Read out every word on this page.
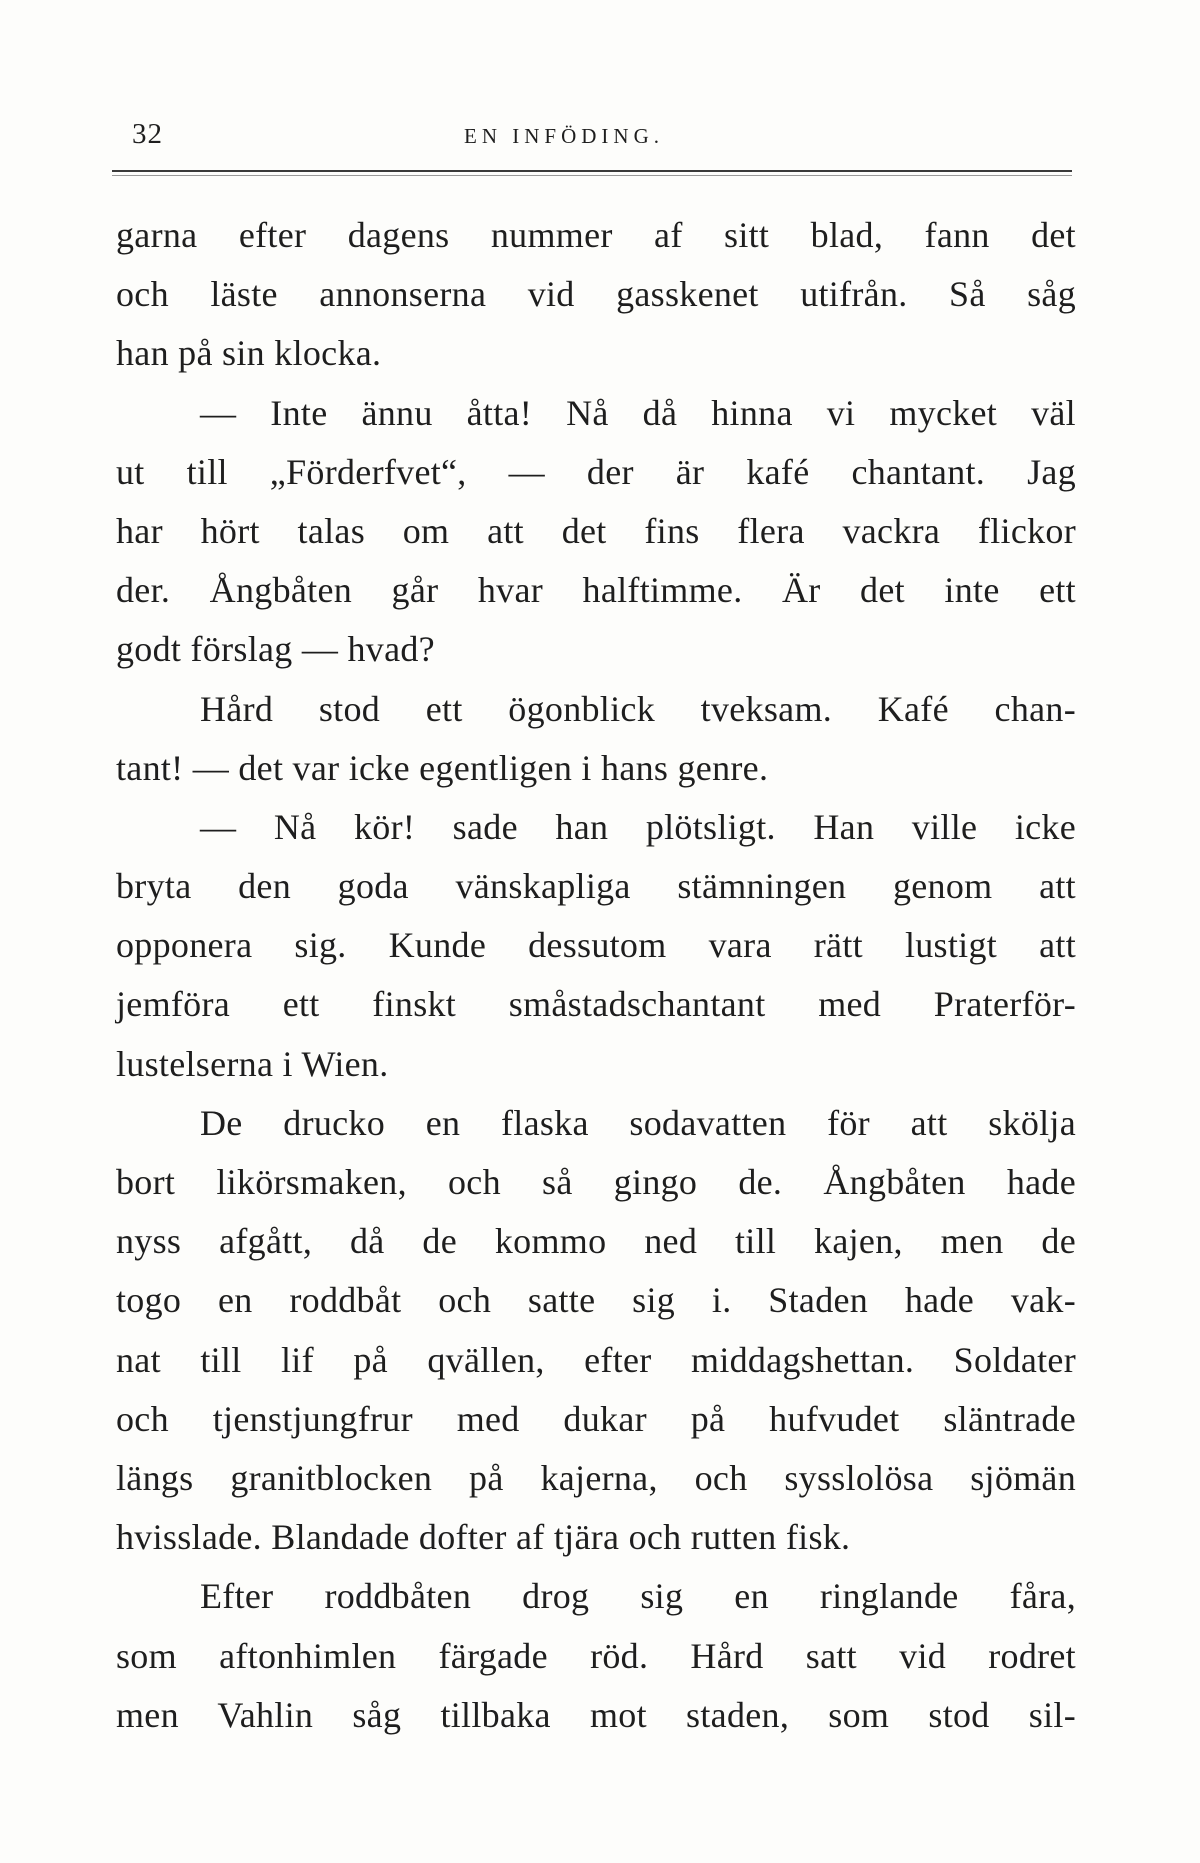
32	EN INFÖDING.
garna efter dagens nummer af sitt blad, fann det
och läste annonserna vid gasskenet utifrån. Så såg
han på sin klocka.
— Inte ännu åtta! Nå då hinna vi mycket väl
ut till „Förderfvet“, — der är kafé chantant. Jag
har hört talas om att det fins flera vackra flickor
der. Ångbåten går hvar halftimme. Är det inte ett
godt förslag — hvad?
Hård stod ett ögonblick tveksam. Kafé chan-
tant! — det var icke egentligen i hans genre.
— Nå kör! sade han plötsligt. Han ville icke
bryta den goda vänskapliga stämningen genom att
opponera sig. Kunde dessutom vara rätt lustigt att
jemföra ett finskt småstadschantant med Praterför-
lustelserna i Wien.
De drucko en flaska sodavatten för att skölja
bort likörsmaken, och så gingo de. Ångbåten hade
nyss afgått, då de kommo ned till kajen, men de
togo en roddbåt och satte sig i. Staden hade vak-
nat till lif på qvällen, efter middagshettan. Soldater
och tjenstjungfrur med dukar på hufvudet släntrade
längs granitblocken på kajerna, och sysslolösa sjömän
hvisslade. Blandade dofter af tjära och rutten fisk.
Efter roddbåten drog sig en ringlande fåra,
som aftonhimlen färgade röd. Hård satt vid rodret
men Vahlin såg tillbaka mot staden, som stod sil-
